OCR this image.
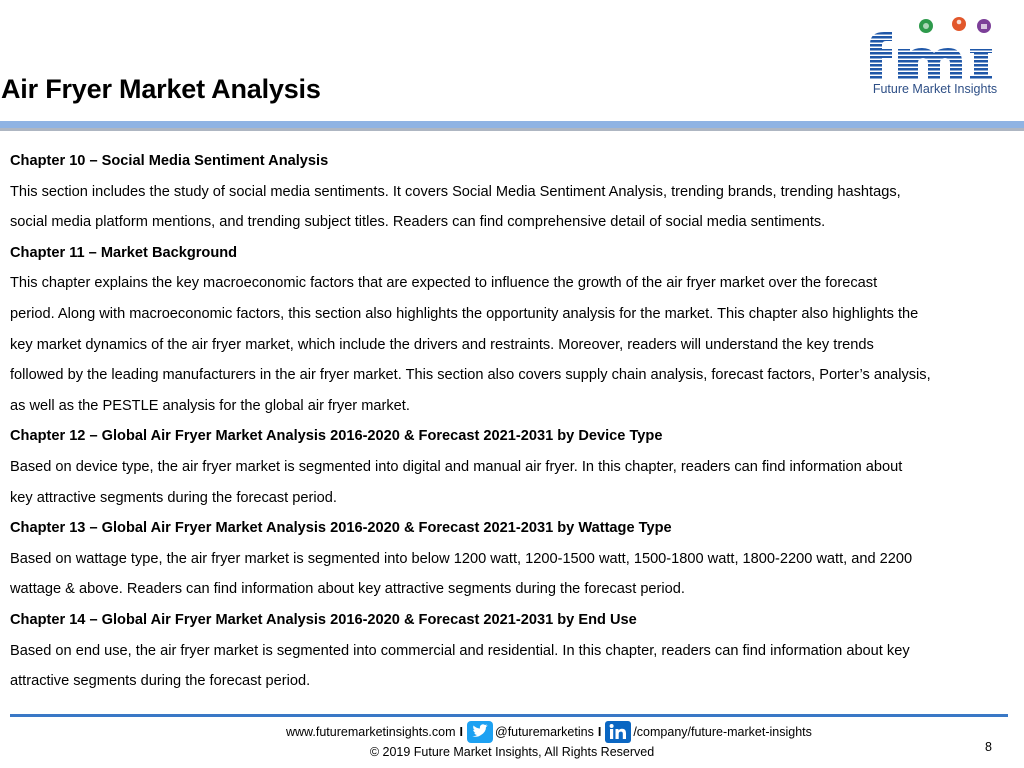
Air Fryer Market Analysis	Future Market Insights

Chapter 10 – Social Media Sentiment Analysis

This section includes the study of social media sentiments. It covers Social Media Sentiment Analysis, trending brands, trending hashtags,

social media platform mentions, and trending subject titles. Readers can find comprehensive detail of social media sentiments.

Chapter 11 – Market Background

This chapter explains the key macroeconomic factors that are expected to influence the growth of the air fryer market over the forecast

period. Along with macroeconomic factors, this section also highlights the opportunity analysis for the market. This chapter also highlights the

key market dynamics of the air fryer market, which include the drivers and restraints. Moreover, readers will understand the key trends

followed by the leading manufacturers in the air fryer market. This section also covers supply chain analysis, forecast factors, Porter’s analysis,

as well as the PESTLE analysis for the global air fryer market.

Chapter 12 – Global Air Fryer Market Analysis 2016-2020 & Forecast 2021-2031 by Device Type

Based on device type, the air fryer market is segmented into digital and manual air fryer. In this chapter, readers can find information about

key attractive segments during the forecast period.

Chapter 13 – Global Air Fryer Market Analysis 2016-2020 & Forecast 2021-2031 by Wattage Type

Based on wattage type, the air fryer market is segmented into below 1200 watt, 1200-1500 watt, 1500-1800 watt, 1800-2200 watt, and 2200

wattage & above. Readers can find information about key attractive segments during the forecast period.

Chapter 14 – Global Air Fryer Market Analysis 2016-2020 & Forecast 2021-2031 by End Use

Based on end use, the air fryer market is segmented into commercial and residential. In this chapter, readers can find information about key

attractive segments during the forecast period.

www.futuremarketinsights.com I	@futuremarketins I	/company/future-market-insights
© 2019 Future Market Insights, All Rights Reserved	8
